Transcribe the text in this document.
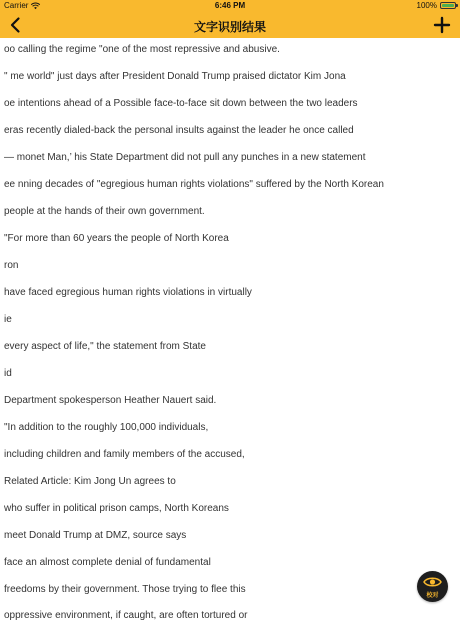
Carrier	6:46 PM	100%
文字识别结果
oo calling the regime "one of the most repressive and abusive.
" me world" just days after President Donald Trump praised dictator Kim Jona
oe intentions ahead of a Possible face-to-face sit down between the two leaders
eras recently dialed-back the personal insults against the leader he once called
— monet Man,’ his State Department did not pull any punches in a new statement
ee nning decades of "egregious human rights violations" suffered by the North Korean
people at the hands of their own government.
"For more than 60 years the people of North Korea
ron
have faced egregious human rights violations in virtually
ie
every aspect of life," the statement from State
id
Department spokesperson Heather Nauert said.
"In addition to the roughly 100,000 individuals,
including children and family members of the accused,
Related Article: Kim Jong Un agrees to
who suffer in political prison camps, North Koreans
meet Donald Trump at DMZ, source says
face an almost complete denial of fundamental
freedoms by their government. Those trying to flee this
oppressive environment, if caught, are often tortured or
校对
